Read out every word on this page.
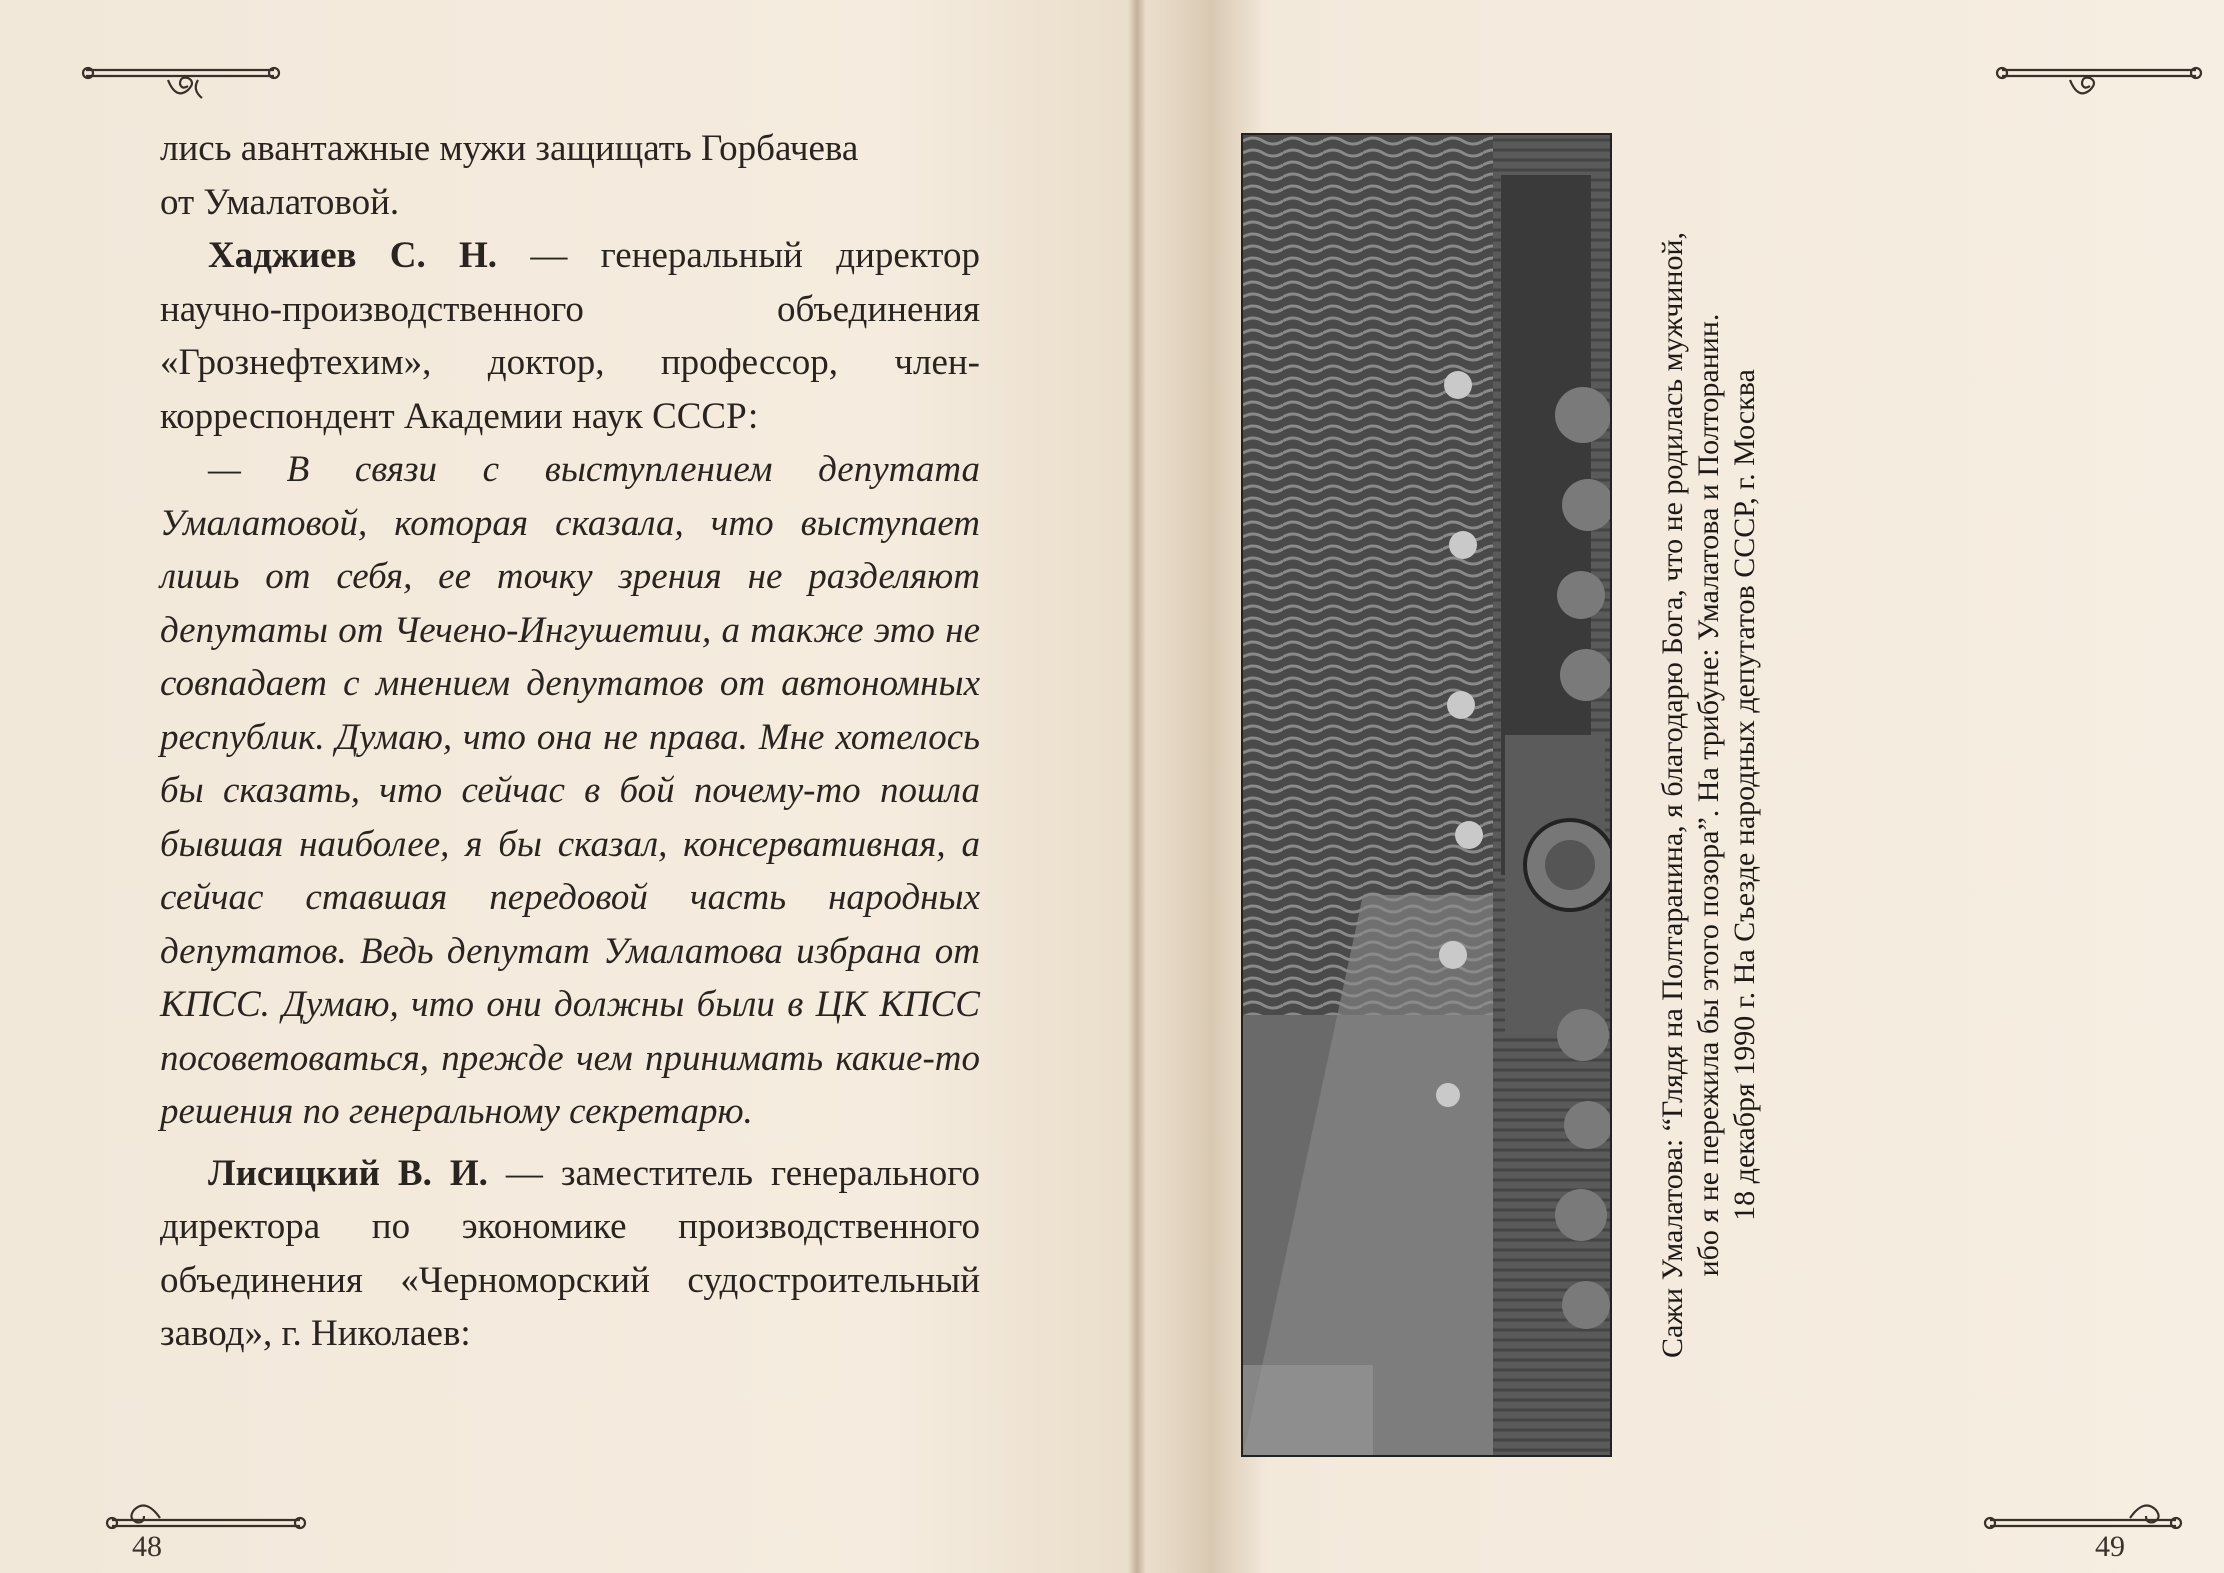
лись авантажные мужи защищать Горбачева
от Умалатовой.

Хаджиев С. Н. — генеральный директор научно-производственного объединения «Грознефтехим», доктор, профессор, член-корреспондент Академии наук СССР:

— В связи с выступлением депутата Умалатовой, которая сказала, что выступает лишь от себя, ее точку зрения не разделяют депутаты от Чечено-Ингушетии, а также это не совпадает с мнением депутатов от автономных республик. Думаю, что она не права. Мне хотелось бы сказать, что сейчас в бой почему-то пошла бывшая наиболее, я бы сказал, консервативная, а сейчас ставшая передовой часть народных депутатов. Ведь депутат Умалатова избрана от КПСС. Думаю, что они должны были в ЦК КПСС посоветоваться, прежде чем принимать какие-то решения по генеральному секретарю.

Лисицкий В. И. — заместитель генерального директора по экономике производственного объединения «Черноморский судостроительный завод», г. Николаев:

48	49
Сажи Умалатова: “Глядя на Полтаранина, я благодарю Бога, что не родилась мужчиной, ибо я не пережила бы этого позора”. На трибуне: Умалатова и Полторанин. 18 декабря 1990 г. На Съезде народных депутатов СССР, г. Москва
